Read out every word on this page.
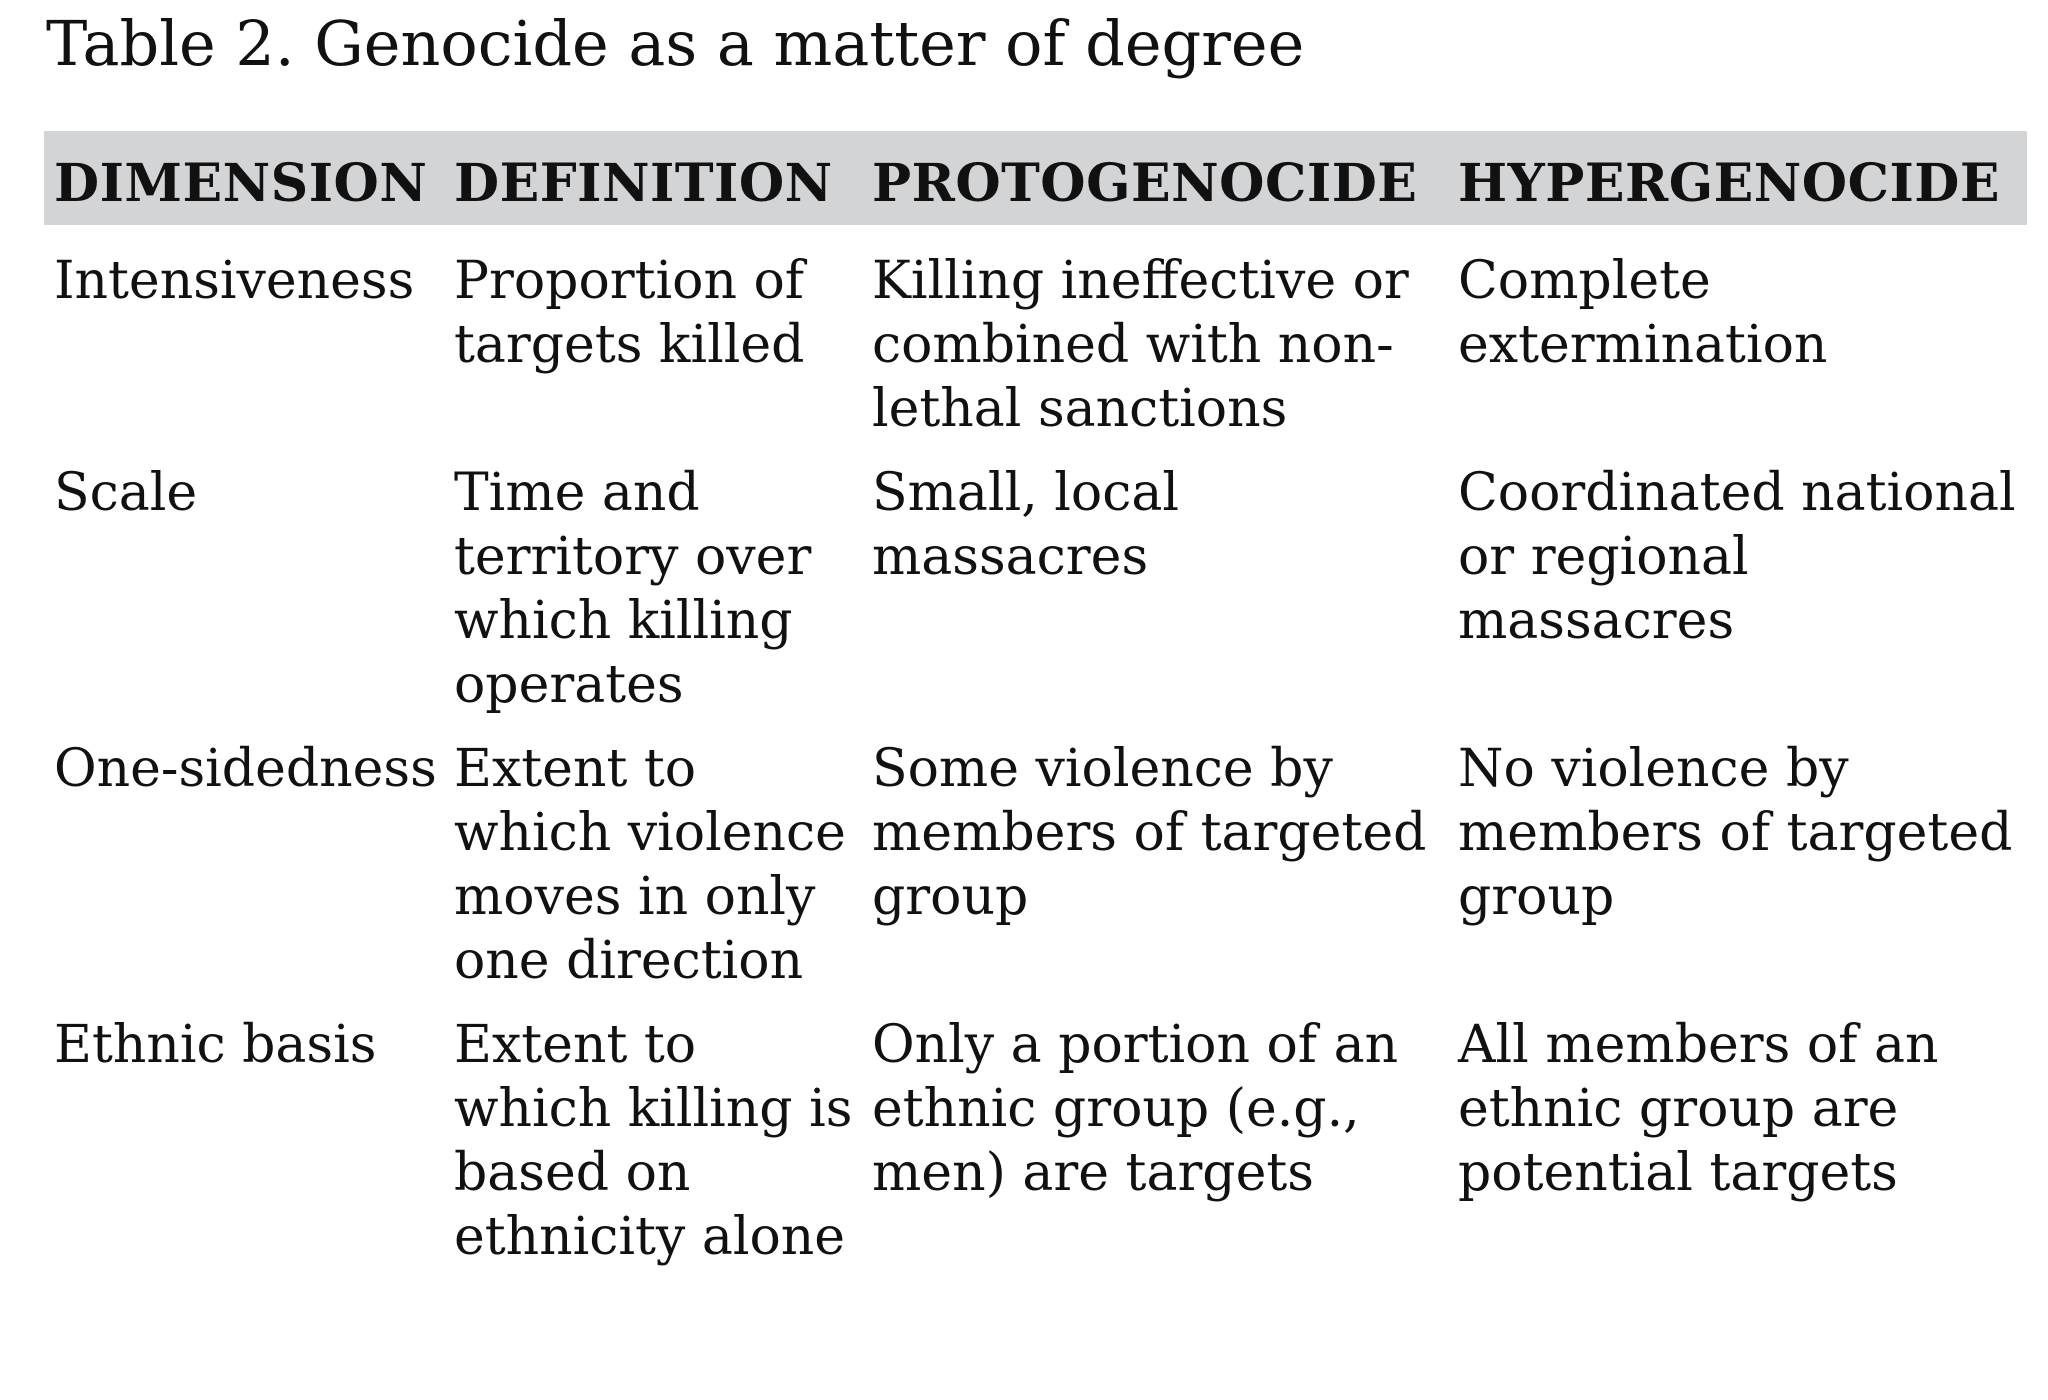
Table 2. Genocide as a matter of degree
DIMENSION	DEFINITION	PROTOGENOCIDE	HYPERGENOCIDE
Intensiveness	Proportion of targets killed	Killing ineffective or combined with non-lethal sanctions	Complete extermination
Scale	Time and territory over which killing operates	Small, local massacres	Coordinated national or regional massacres
One-sidedness	Extent to which violence moves in only one direction	Some violence by members of targeted group	No violence by members of targeted group
Ethnic basis	Extent to which killing is based on ethnicity alone	Only a portion of an ethnic group (e.g., men) are targets	All members of an ethnic group are potential targets
